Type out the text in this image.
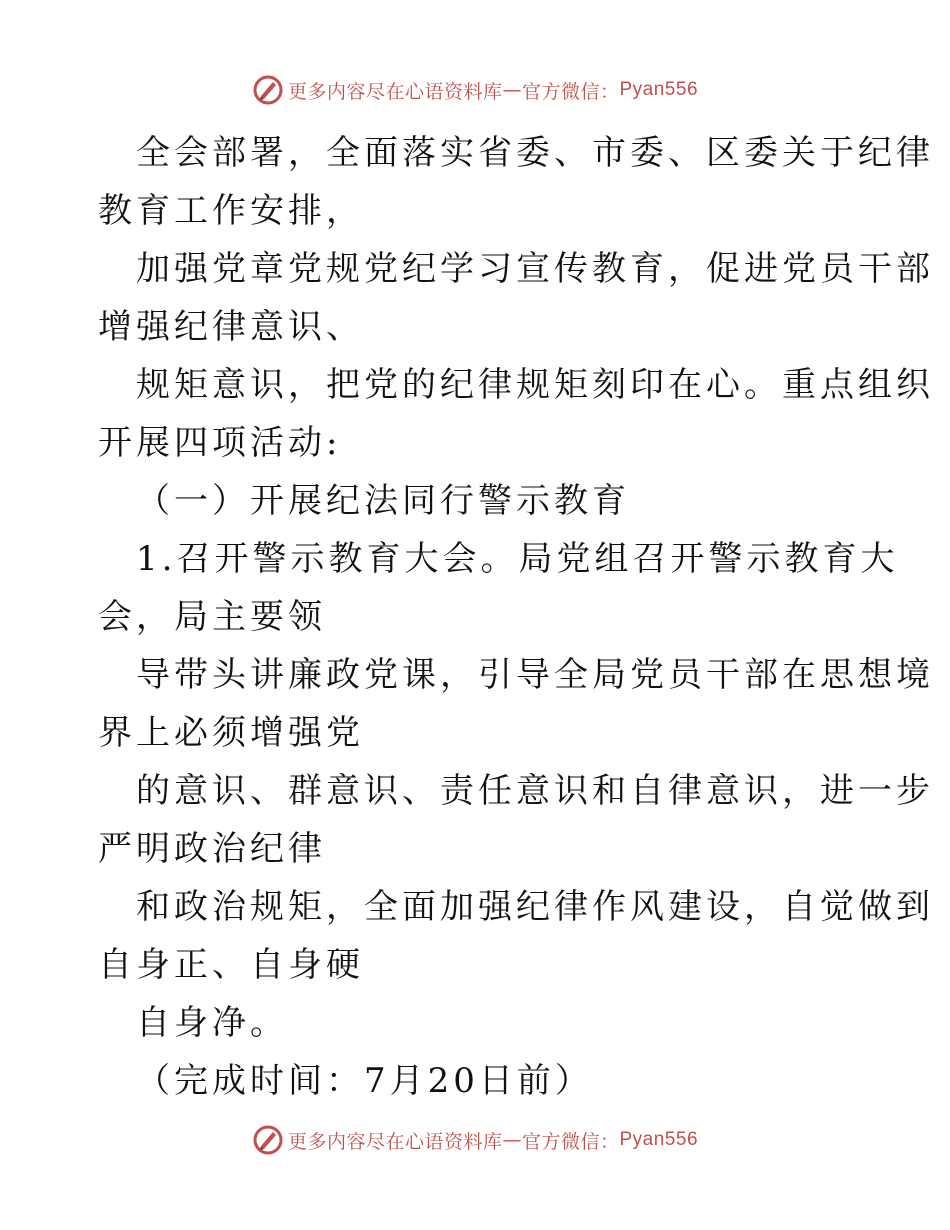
更多内容尽在心语资料库 — 官方微信： Pyan556

全会部署，全面落实省委、市委、区委关于纪律
教育工作安排，
加强党章党规党纪学习宣传教育，促进党员干部
增强纪律意识、
规矩意识，把党的纪律规矩刻印在心。重点组织
开展四项活动:
（一）开展纪法同行警示教育
1.召开警示教育大会。局党组召开警示教育大
会，局主要领
导带头讲廉政党课，引导全局党员干部在思想境
界上必须增强党
的意识、群意识、责任意识和自律意识，进一步
严明政治纪律
和政治规矩，全面加强纪律作风建设，自觉做到
自身正、自身硬
自身净。
（完成时间：7月20日前）

更多内容尽在心语资料库 — 官方微信： Pyan556
